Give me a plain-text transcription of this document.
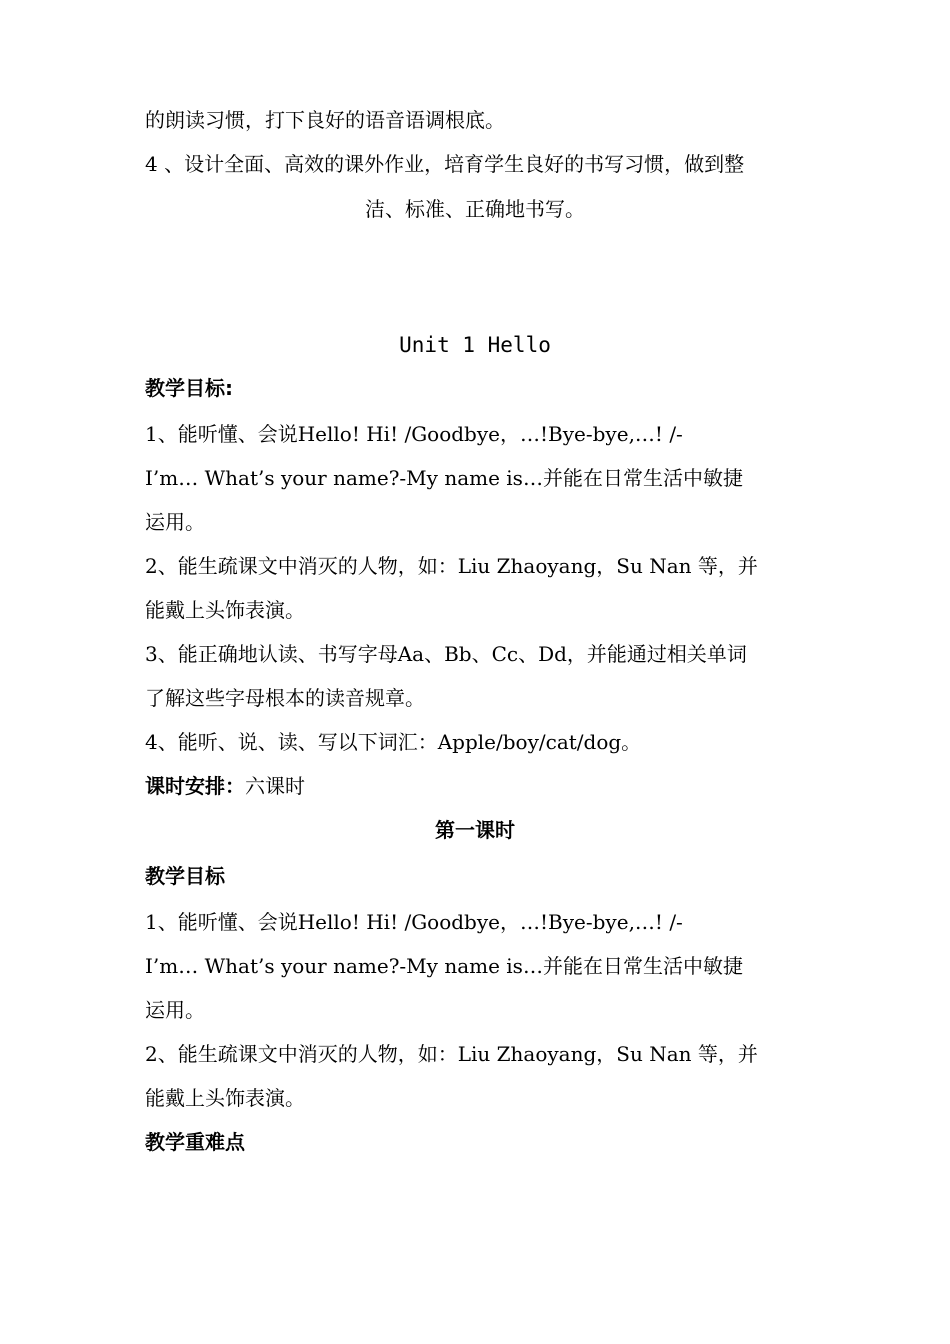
的朗读习惯，打下良好的语音语调根底。
4 、设计全面、高效的课外作业，培育学生良好的书写习惯，做到整
洁、标准、正确地书写。
Unit 1 Hello
教学目标:
1、能听懂、会说Hello! Hi! /Goodbye，…!Bye-bye,…! /-
I’m… What’s your name?-My name is…并能在日常生活中敏捷
运用。
2、能生疏课文中消灭的人物，如：Liu Zhaoyang，Su Nan 等，并
能戴上头饰表演。
3、能正确地认读、书写字母Aa、Bb、Cc、Dd，并能通过相关单词
了解这些字母根本的读音规章。
4、能听、说、读、写以下词汇：Apple/boy/cat/dog。
课时安排：六课时
第一课时
教学目标
1、能听懂、会说Hello! Hi! /Goodbye，…!Bye-bye,…! /-
I’m… What’s your name?-My name is…并能在日常生活中敏捷
运用。
2、能生疏课文中消灭的人物，如：Liu Zhaoyang，Su Nan 等，并
能戴上头饰表演。
教学重难点
